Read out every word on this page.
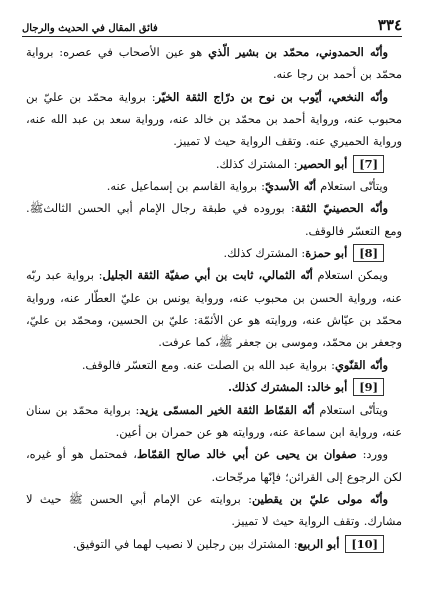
٣٣٤
فائق المقال في الحديث والرجال

وأنّه الحمدوني، محمّد بن بشير الّذي هو عين الأصحاب في عصره: برواية محمّد بن أحمد بن رجا عنه.

وأنّه النخعي، أيّوب بن نوح بن درّاج الثقة الخيّر: برواية محمّد بن عليّ بن محبوب عنه، ورواية أحمد بن محمّد بن خالد عنه، ورواية سعد بن عبد الله عنه، ورواية الحميري عنه. وتقف الرواية حيث لا تمييز.

[7]أبو الحصير: المشترك كذلك.

ويتأتّى استعلام أنّه الأسديّ: برواية القاسم بن إسماعيل عنه.

وأنّه الحصينيّ الثقة: بوروده في طبقة رجال الإمام أبي الحسن الثالثﷺ. ومع التعسّر فالوقف.

[8]أبو حمزة: المشترك كذلك.

ويمكن استعلام أنّه الثمالي، ثابت بن أبي صفيّة الثقة الجليل: برواية عبد ربّه عنه، ورواية الحسن بن محبوب عنه، ورواية يونس بن عليّ العطّار عنه، ورواية محمّد بن عيّاش عنه، وروايته هو عن الأئمّة: عليّ بن الحسين، ومحمّد بن عليّ، وجعفر بن محمّد، وموسى بن جعفر ﷺ، كما عرفت.

وأنّه القنّوي: برواية عبد الله بن الصلت عنه. ومع التعسّر فالوقف.

[9]أبو خالد: المشترك كذلك.

ويتأتّى استعلام أنّه القمّاط الثقة الخير المسمّى يزيد: برواية محمّد بن سنان عنه، ورواية ابن سماعة عنه، وروايته هو عن حمران بن أعين.

وورد: صفوان بن يحيى عن أبي خالد صالح القمّاط، فمحتمل هو أو غيره، لكن الرجوع إلى القرائن؛ فإنّها مرجّحات.

وأنّه مولى عليّ بن يقطين: بروايته عن الإمام أبي الحسن ﷺ حيث لا مشارك. وتقف الرواية حيث لا تمييز.

[10]أبو الربيع: المشترك بين رجلين لا نصيب لهما في التوفيق.
